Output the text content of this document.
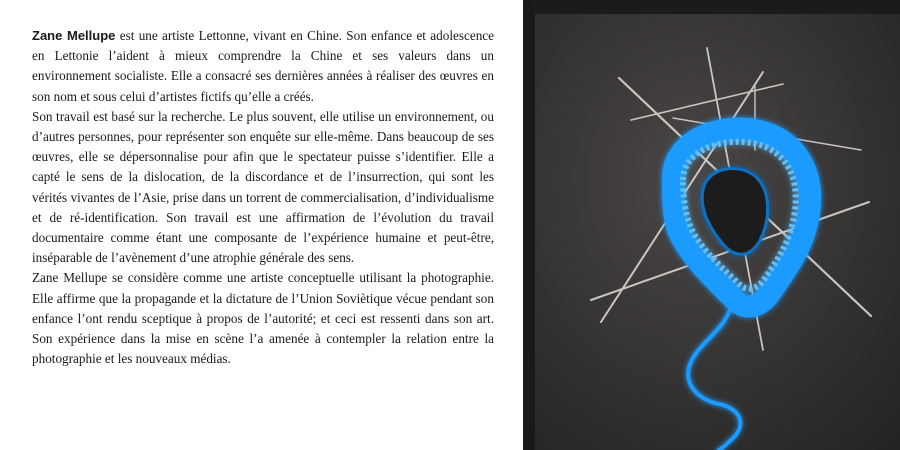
Zane Mellupe est une artiste Lettonne, vivant en Chine. Son enfance et adolescence en Lettonie l’aident à mieux comprendre la Chine et ses valeurs dans un environnement socialiste. Elle a consacré ses dernières années à réaliser des œuvres en son nom et sous celui d’artistes fictifs qu’elle a créés.

Son travail est basé sur la recherche. Le plus souvent, elle utilise un environnement, ou d’autres personnes, pour représenter son enquête sur elle-même. Dans beaucoup de ses œuvres, elle se dépersonnalise pour afin que le spectateur puisse s’identifier. Elle a capté le sens de la dislocation, de la discordance et de l’insurrection, qui sont les vérités vivantes de l’Asie, prise dans un torrent de commercialisation, d’individualisme et de ré-identification. Son travail est une affirmation de l’évolution du travail documentaire comme étant une composante de l’expérience humaine et peut-être, inséparable de l’avènement d’une atrophie générale des sens.

Zane Mellupe se considère comme une artiste conceptuelle utilisant la photographie. Elle affirme que la propagande et la dictature de l’Union Soviètique vécue pendant son enfance l’ont rendu sceptique à propos de l’autorité; et ceci est ressenti dans son art. Son expérience dans la mise en scène l’a amenée à contempler la relation entre la photographie et les nouveaux médias.
